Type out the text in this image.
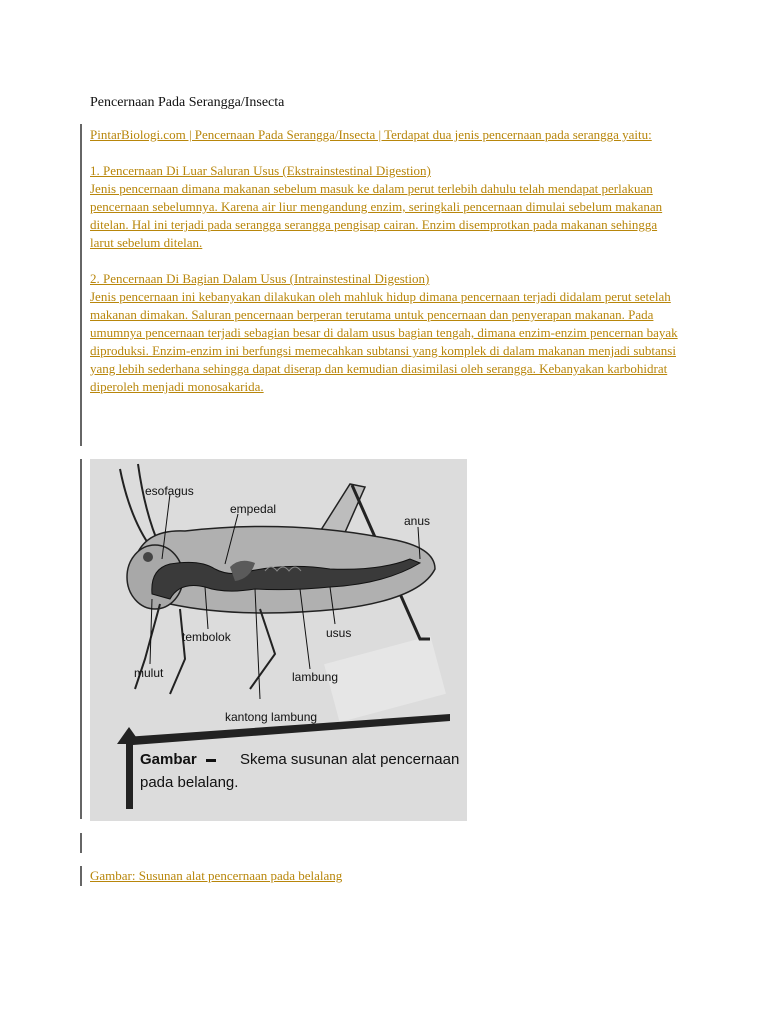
Pencernaan Pada Serangga/Insecta

PintarBiologi.com | Pencernaan Pada Serangga/Insecta | Terdapat dua jenis pencernaan pada serangga yaitu:

1. Pencernaan Di Luar Saluran Usus (Ekstrainstestinal Digestion)
Jenis pencernaan dimana makanan sebelum masuk ke dalam perut terlebih dahulu telah mendapat perlakuan pencernaan sebelumnya. Karena air liur mengandung enzim, seringkali pencernaan dimulai sebelum makanan ditelan. Hal ini terjadi pada serangga serangga pengisap cairan. Enzim disemprotkan pada makanan sehingga larut sebelum ditelan.

2. Pencernaan Di Bagian Dalam Usus (Intrainstestinal Digestion)
Jenis pencernaan ini kebanyakan dilakukan oleh mahluk hidup dimana pencernaan terjadi didalam perut setelah makanan dimakan. Saluran pencernaan berperan terutama untuk pencernaan dan penyerapan makanan. Pada umumnya pencernaan terjadi sebagian besar di dalam usus bagian tengah, dimana enzim-enzim pencernan bayak diproduksi. Enzim-enzim ini berfungsi memecahkan subtansi yang komplek di dalam makanan menjadi subtansi yang lebih sederhana sehingga dapat diserap dan kemudian diasimilasi oleh serangga. Kebanyakan karbohidrat diperoleh menjadi monosakarida.

esofagus
empedal
anus
tembolok	usus
mulut	lambung
kantong lambung
Gambar	Skema susunan alat pencernaan
pada belalang.
Gambar: Susunan alat pencernaan pada belalang
